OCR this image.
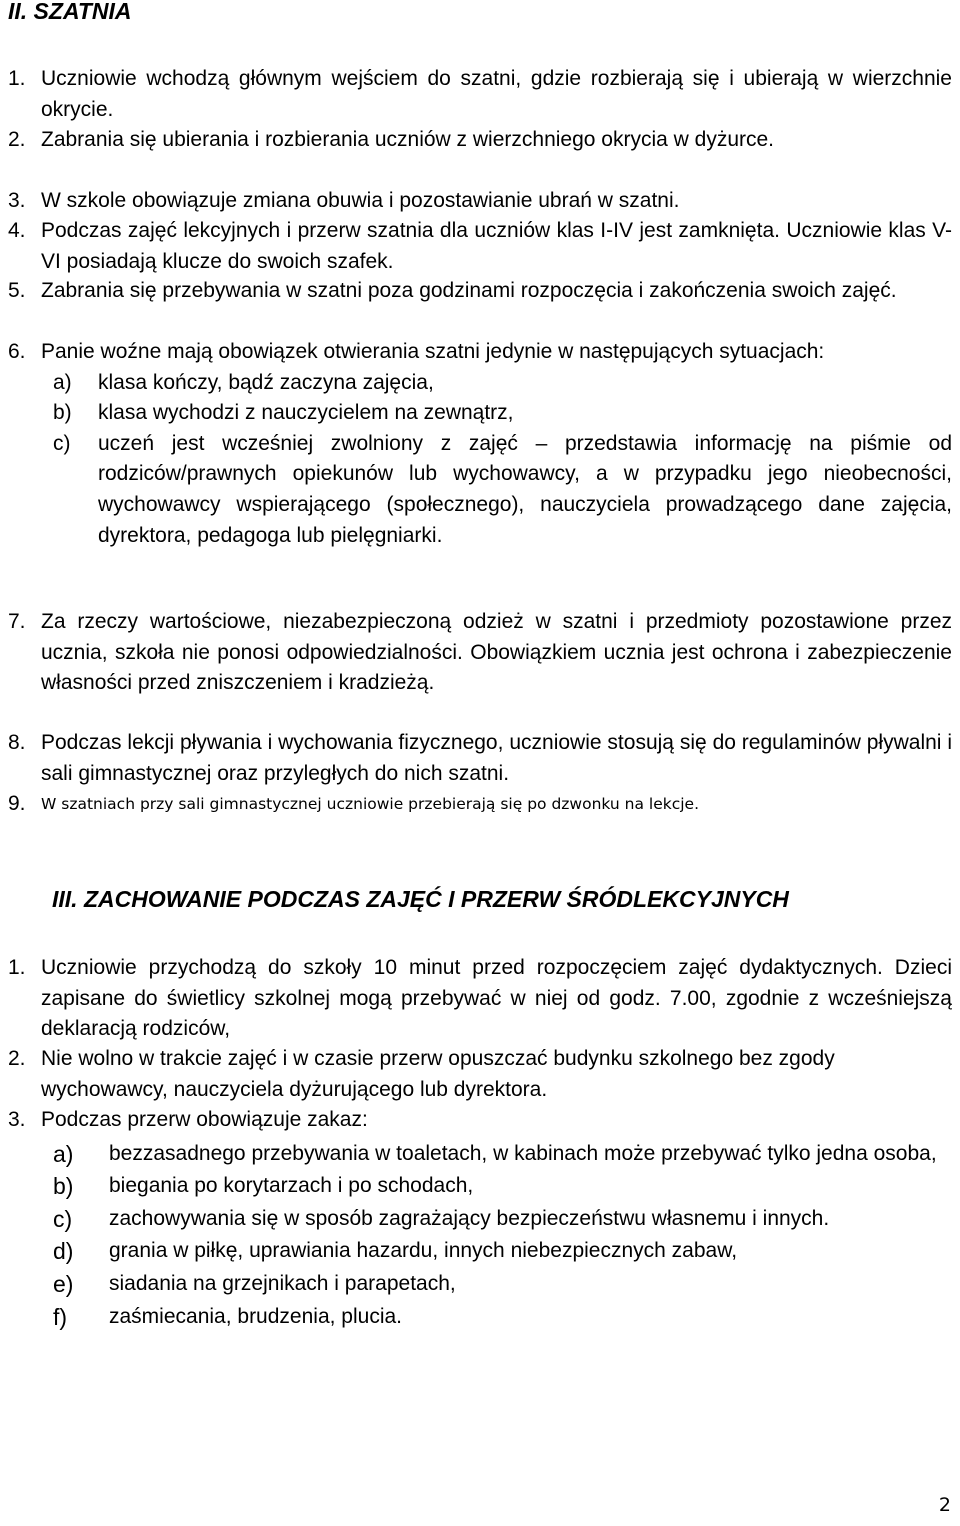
II. SZATNIA
1. Uczniowie wchodzą głównym wejściem do szatni, gdzie rozbierają się i ubierają w wierzchnie okrycie.
2. Zabrania się ubierania i rozbierania uczniów z wierzchniego okrycia w dyżurce.
3. W szkole obowiązuje zmiana obuwia i pozostawianie ubrań w szatni.
4. Podczas zajęć lekcyjnych i przerw szatnia dla uczniów klas I-IV jest zamknięta. Uczniowie klas V-VI posiadają klucze do swoich szafek.
5. Zabrania się przebywania w szatni poza godzinami rozpoczęcia i zakończenia swoich zajęć.
6. Panie woźne mają obowiązek otwierania szatni jedynie w następujących sytuacjach:
a) klasa kończy, bądź zaczyna zajęcia,
b) klasa wychodzi z nauczycielem na zewnątrz,
c) uczeń jest wcześniej zwolniony z zajęć – przedstawia informację na piśmie od rodziców/prawnych opiekunów lub wychowawcy, a w przypadku jego nieobecności, wychowawcy wspierającego (społecznego), nauczyciela prowadzącego dane zajęcia, dyrektora, pedagoga lub pielęgniarki.
7. Za rzeczy wartościowe, niezabezpieczoną odzież w szatni i przedmioty pozostawione przez ucznia, szkoła nie ponosi odpowiedzialności. Obowiązkiem ucznia jest ochrona i zabezpieczenie własności przed zniszczeniem i kradzieżą.
8. Podczas lekcji pływania i wychowania fizycznego, uczniowie stosują się do regulaminów pływalni i sali gimnastycznej oraz przyległych do nich szatni.
9. W szatniach przy sali gimnastycznej uczniowie przebierają się po dzwonku na lekcje.
III. ZACHOWANIE PODCZAS ZAJĘĆ I PRZERW ŚRÓDLEKCYJNYCH
1. Uczniowie przychodzą do szkoły 10 minut przed rozpoczęciem zajęć dydaktycznych. Dzieci zapisane do świetlicy szkolnej mogą przebywać w niej od godz. 7.00, zgodnie z wcześniejszą deklaracją rodziców,
2. Nie wolno w trakcie zajęć i w czasie przerw opuszczać budynku szkolnego bez zgody wychowawcy, nauczyciela dyżurującego lub dyrektora.
3. Podczas przerw obowiązuje zakaz:
a) bezzasadnego przebywania w toaletach, w kabinach może przebywać tylko jedna osoba,
b) biegania po korytarzach i po schodach,
c) zachowywania się w sposób zagrażający bezpieczeństwu własnemu i innych.
d) grania w piłkę, uprawiania hazardu, innych niebezpiecznych zabaw,
e) siadania na grzejnikach i parapetach,
f) zaśmiecania, brudzenia, plucia.
2
